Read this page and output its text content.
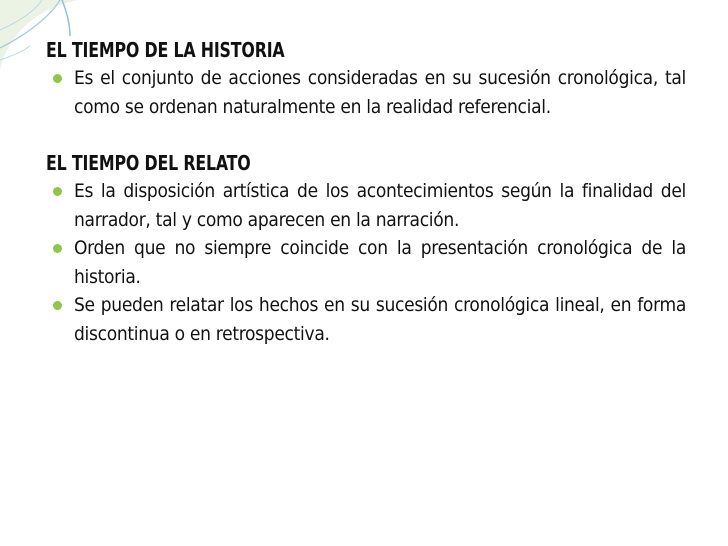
EL TIEMPO DE LA HISTORIA
Es el conjunto de acciones consideradas en su sucesión cronológica, tal como se ordenan naturalmente en la realidad referencial.
EL TIEMPO DEL RELATO
Es la disposición artística de los acontecimientos según la finalidad del narrador, tal y como aparecen en la narración.
Orden que no siempre coincide con la presentación cronológica de la historia.
Se pueden relatar los hechos en su sucesión cronológica lineal, en forma discontinua o en retrospectiva.
